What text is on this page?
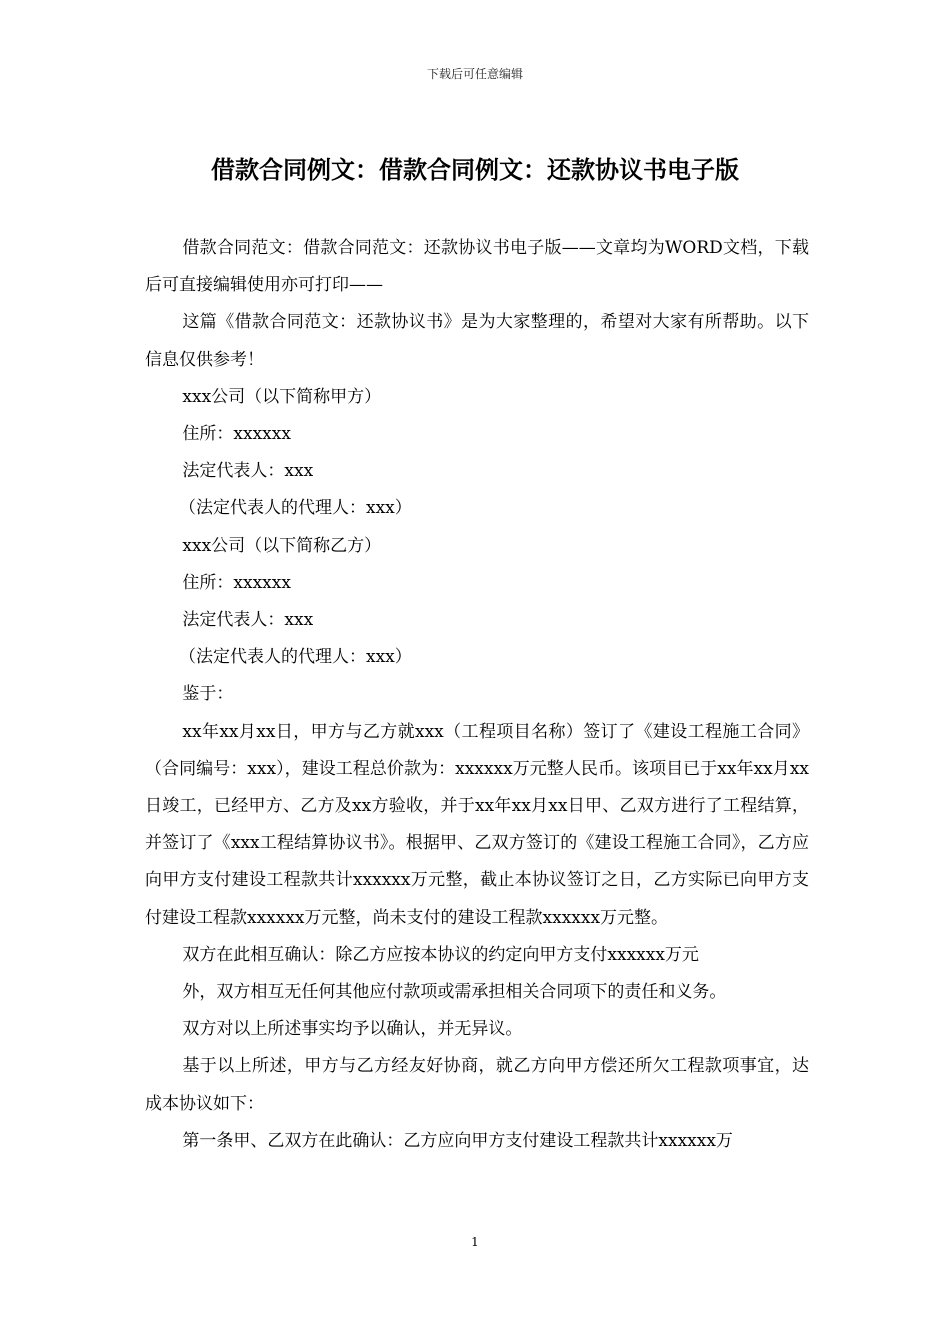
下载后可任意编辑
借款合同例文：借款合同例文：还款协议书电子版

借款合同范文：借款合同范文：还款协议书电子版——文章均为WORD文档，下载后可直接编辑使用亦可打印——

这篇《借款合同范文：还款协议书》是为大家整理的，希望对大家有所帮助。以下信息仅供参考！

xxx公司（以下简称甲方）

住所：xxxxxx

法定代表人：xxx

（法定代表人的代理人：xxx）

xxx公司（以下简称乙方）

住所：xxxxxx

法定代表人：xxx

（法定代表人的代理人：xxx）

鉴于：

xx年xx月xx日，甲方与乙方就xxx（工程项目名称）签订了《建设工程施工合同》（合同编号：xxx），建设工程总价款为：xxxxxx万元整人民币。该项目已于xx年xx月xx日竣工，已经甲方、乙方及xx方验收，并于xx年xx月xx日甲、乙双方进行了工程结算，并签订了《xxx工程结算协议书》。根据甲、乙双方签订的《建设工程施工合同》，乙方应向甲方支付建设工程款共计xxxxxx万元整，截止本协议签订之日，乙方实际已向甲方支付建设工程款xxxxxx万元整，尚未支付的建设工程款xxxxxx万元整。

双方在此相互确认：除乙方应按本协议的约定向甲方支付xxxxxx万元

外，双方相互无任何其他应付款项或需承担相关合同项下的责任和义务。

双方对以上所述事实均予以确认，并无异议。

基于以上所述，甲方与乙方经友好协商，就乙方向甲方偿还所欠工程款项事宜，达成本协议如下：

第一条甲、乙双方在此确认：乙方应向甲方支付建设工程款共计xxxxxx万

1
